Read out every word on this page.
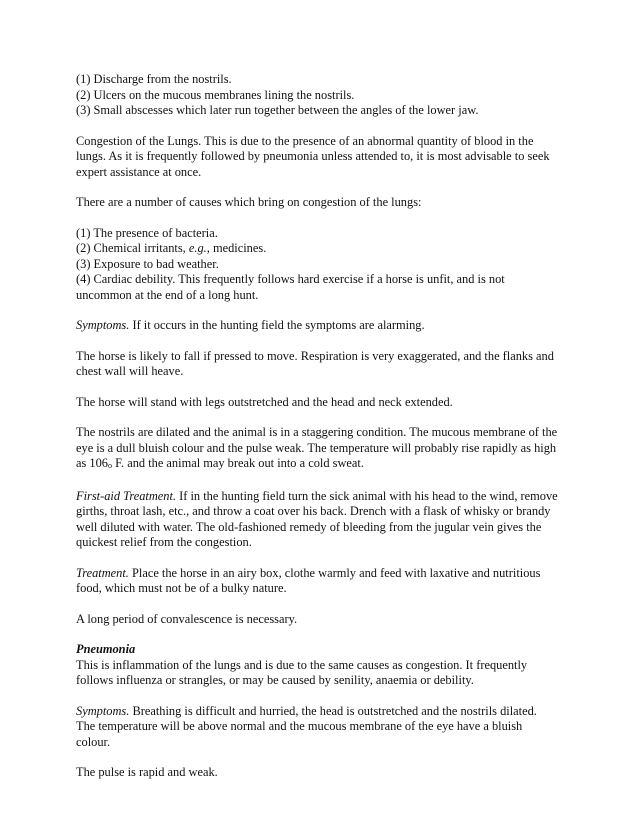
(1) Discharge from the nostrils.
(2) Ulcers on the mucous membranes lining the nostrils.
(3) Small abscesses which later run together between the angles of the lower jaw.

Congestion of the Lungs. This is due to the presence of an abnormal quantity of blood in the
lungs. As it is frequently followed by pneumonia unless attended to, it is most advisable to seek
expert assistance at once.

There are a number of causes which bring on congestion of the lungs:

(1) The presence of bacteria.
(2) Chemical irritants, e.g., medicines.
(3) Exposure to bad weather.
(4) Cardiac debility. This frequently follows hard exercise if a horse is unfit, and is not
uncommon at the end of a long hunt.

Symptoms. If it occurs in the hunting field the symptoms are alarming.

The horse is likely to fall if pressed to move. Respiration is very exaggerated, and the flanks and
chest wall will heave.

The horse will stand with legs outstretched and the head and neck extended.

The nostrils are dilated and the animal is in a staggering condition. The mucous membrane of the
eye is a dull bluish colour and the pulse weak. The temperature will probably rise rapidly as high
as 106o F. and the animal may break out into a cold sweat.

First-aid Treatment. If in the hunting field turn the sick animal with his head to the wind, remove
girths, throat lash, etc., and throw a coat over his back. Drench with a flask of whisky or brandy
well diluted with water. The old-fashioned remedy of bleeding from the jugular vein gives the
quickest relief from the congestion.

Treatment. Place the horse in an airy box, clothe warmly and feed with laxative and nutritious
food, which must not be of a bulky nature.

A long period of convalescence is necessary.

Pneumonia
This is inflammation of the lungs and is due to the same causes as congestion. It frequently
follows influenza or strangles, or may be caused by senility, anaemia or debility.

Symptoms. Breathing is difficult and hurried, the head is outstretched and the nostrils dilated.
The temperature will be above normal and the mucous membrane of the eye have a bluish
colour.

The pulse is rapid and weak.
